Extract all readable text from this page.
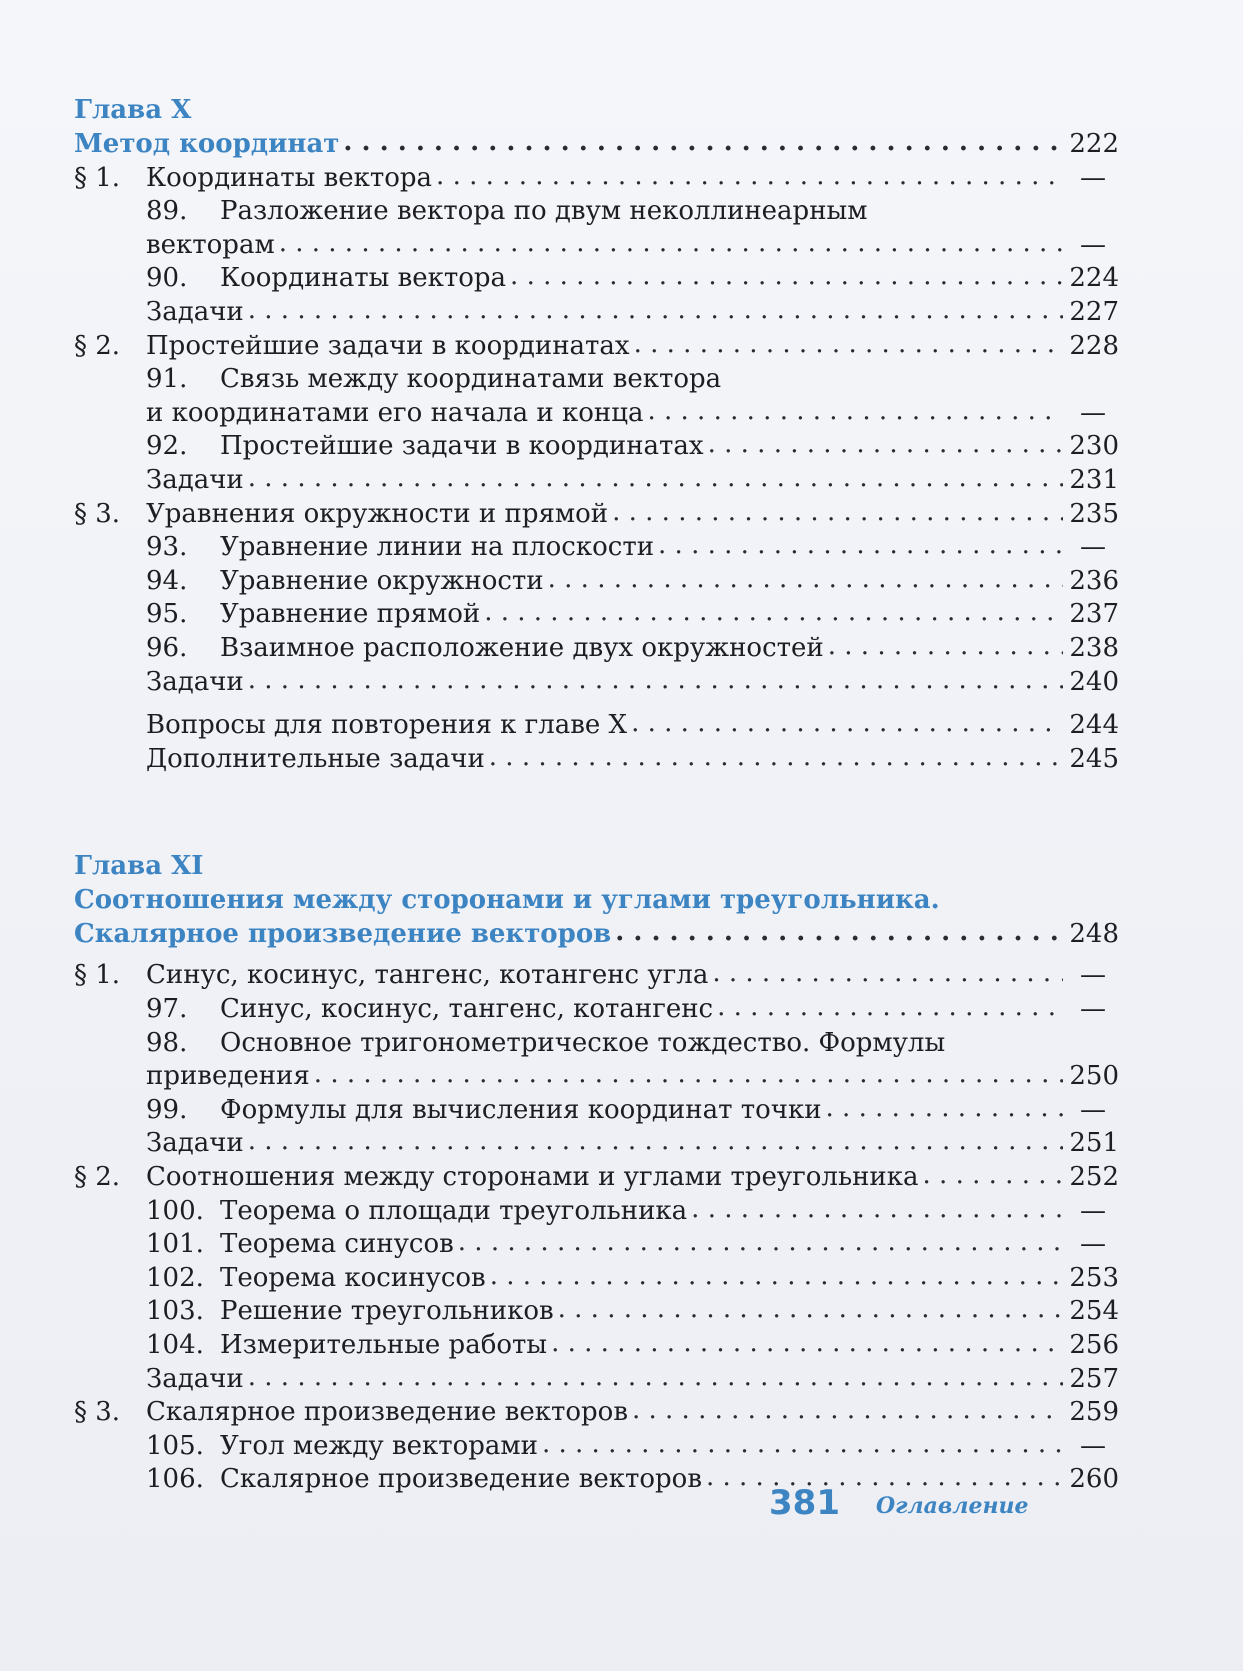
Глава X
Метод координат . . .	222
§ 1. Координаты вектора . . .	—
89.	Разложение вектора по двум неколлинеарным
векторам . . .	—
90.	Координаты вектора . . .	224
Задачи . . .	227
§ 2. Простейшие задачи в координатах . . .	228
91.	Связь между координатами вектора
и координатами его начала и конца . . .	—
92.	Простейшие задачи в координатах . . .	230
Задачи . . .	231
§ 3. Уравнения окружности и прямой . . .	235
93.	Уравнение линии на плоскости . . .	—
94.	Уравнение окружности . . .	236
95.	Уравнение прямой . . .	237
96.	Взаимное расположение двух окружностей . . .	238
Задачи . . .	240
Вопросы для повторения к главе X . . .	244
Дополнительные задачи . . .	245
Глава XI
Соотношения между сторонами и углами треугольника.
Скалярное произведение векторов . . .	248
§ 1. Синус, косинус, тангенс, котангенс угла . . .	—
97.	Синус, косинус, тангенс, котангенс . . .	—
98.	Основное тригонометрическое тождество. Формулы
приведения . . .	250
99.	Формулы для вычисления координат точки . . .	—
Задачи . . .	251
§ 2. Соотношения между сторонами и углами треугольника . . .	252
100. Теорема о площади треугольника . . .	—
101. Теорема синусов . . .	—
102. Теорема косинусов . . .	253
103. Решение треугольников . . .	254
104. Измерительные работы . . .	256
Задачи . . .	257
§ 3. Скалярное произведение векторов . . .	259
105. Угол между векторами . . .	—
106. Скалярное произведение векторов . . .	260
381 Оглавление
